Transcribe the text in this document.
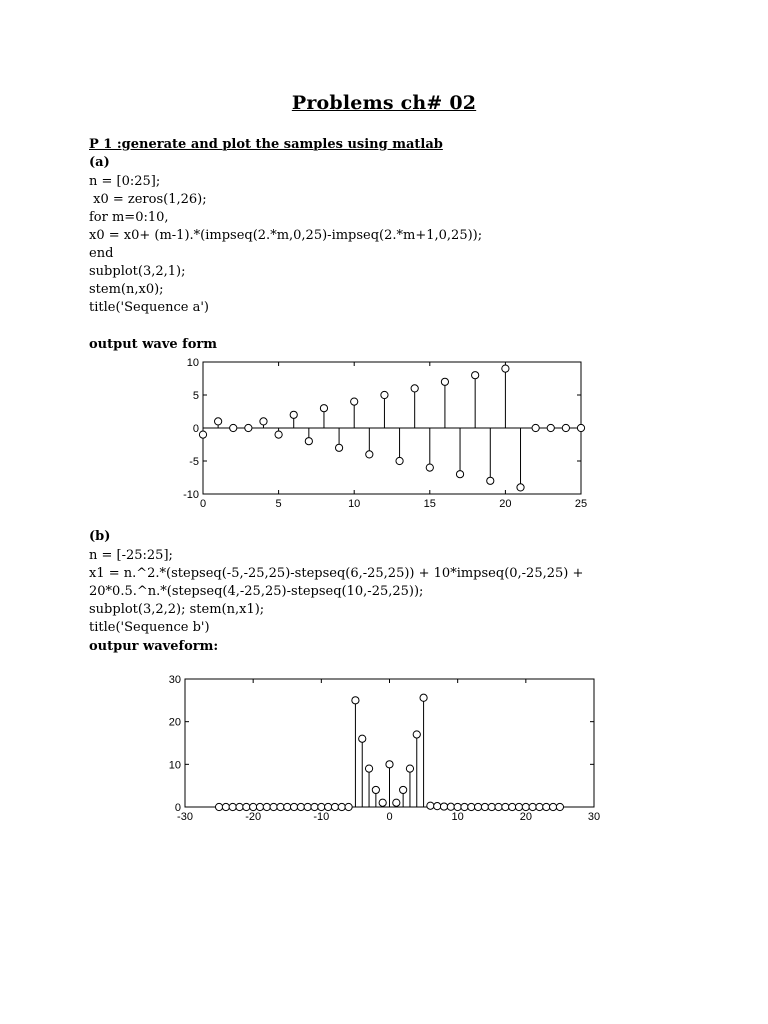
Problems ch# 02
P 1 :generate and plot the samples using matlab
(a)
n = [0:25];
x0 = zeros(1,26);
for m=0:10,
x0 = x0+ (m-1).*(impseq(2.*m,0,25)-impseq(2.*m+1,0,25));
end
subplot(3,2,1);
stem(n,x0);
title('Sequence a')
output wave form
0	5	10	15	20	25
10
5
0
-5
-10
(b)
n = [-25:25];
x1 = n.^2.*(stepseq(-5,-25,25)-stepseq(6,-25,25)) + 10*impseq(0,-25,25) +
20*0.5.^n.*(stepseq(4,-25,25)-stepseq(10,-25,25));
subplot(3,2,2); stem(n,x1);
title('Sequence b')
outpur waveform:
-30	-20	-10	0	10	20	30
30
20
10
0
